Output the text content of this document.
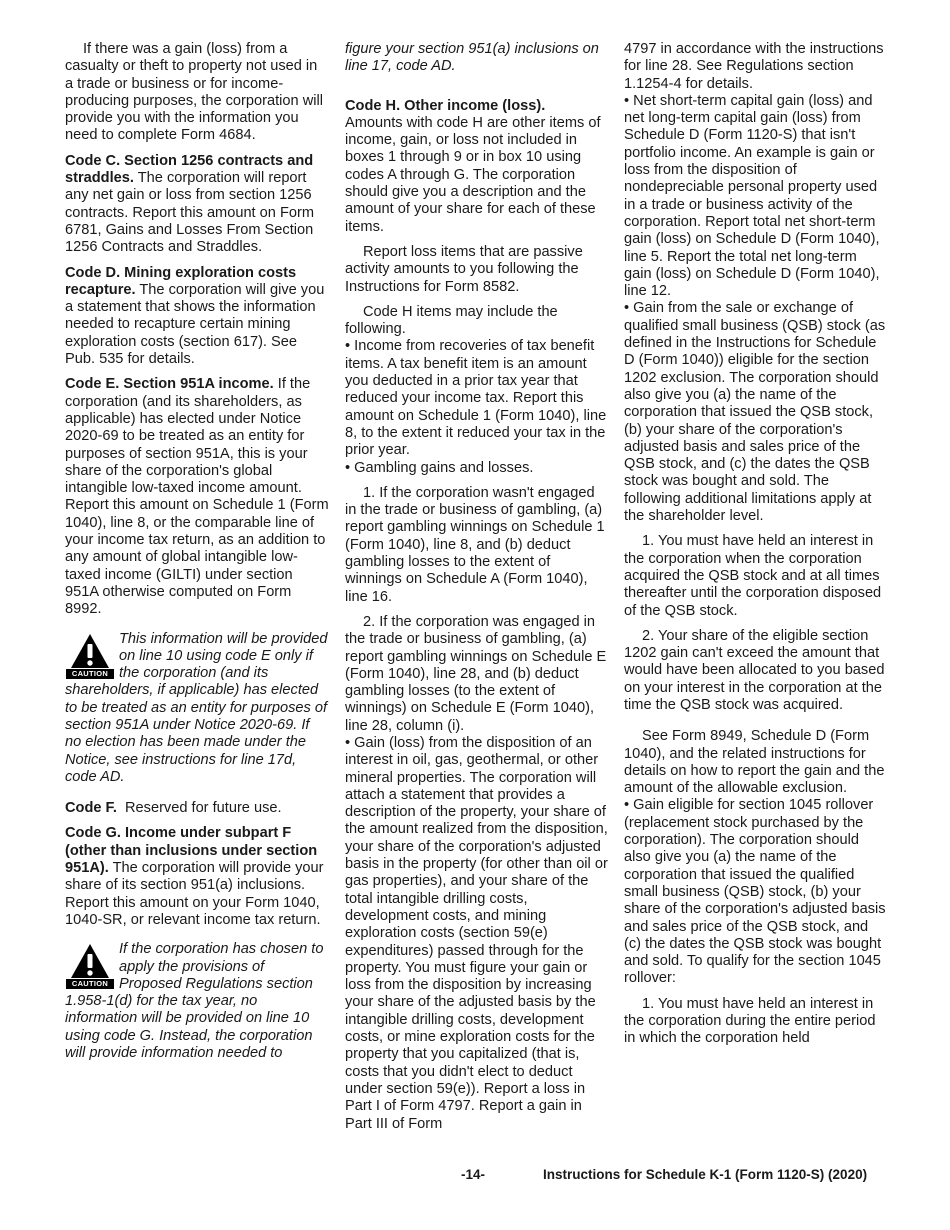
If there was a gain (loss) from a casualty or theft to property not used in a trade or business or for income-producing purposes, the corporation will provide you with the information you need to complete Form 4684.

Code C. Section 1256 contracts and straddles. The corporation will report any net gain or loss from section 1256 contracts. Report this amount on Form 6781, Gains and Losses From Section 1256 Contracts and Straddles.

Code D. Mining exploration costs recapture. The corporation will give you a statement that shows the information needed to recapture certain mining exploration costs (section 617). See Pub. 535 for details.

Code E. Section 951A income. If the corporation (and its shareholders, as applicable) has elected under Notice 2020-69 to be treated as an entity for purposes of section 951A, this is your share of the corporation's global intangible low-taxed income amount. Report this amount on Schedule 1 (Form 1040), line 8, or the comparable line of your income tax return, as an addition to any amount of global intangible low-taxed income (GILTI) under section 951A otherwise computed on Form 8992.

CAUTION
This information will be provided on line 10 using code E only if the corporation (and its shareholders, if applicable) has elected to be treated as an entity for purposes of section 951A under Notice 2020-69. If no election has been made under the Notice, see instructions for line 17d, code AD.

Code F. Reserved for future use.

Code G. Income under subpart F (other than inclusions under section 951A). The corporation will provide your share of its section 951(a) inclusions. Report this amount on your Form 1040, 1040-SR, or relevant income tax return.

CAUTION
If the corporation has chosen to apply the provisions of Proposed Regulations section 1.958-1(d) for the tax year, no information will be provided on line 10 using code G. Instead, the corporation will provide information needed to

figure your section 951(a) inclusions on line 17, code AD.

Code H. Other income (loss).
Amounts with code H are other items of income, gain, or loss not included in boxes 1 through 9 or in box 10 using codes A through G. The corporation should give you a description and the amount of your share for each of these items.

Report loss items that are passive activity amounts to you following the Instructions for Form 8582.

Code H items may include the following.

• Income from recoveries of tax benefit items. A tax benefit item is an amount you deducted in a prior tax year that reduced your income tax. Report this amount on Schedule 1 (Form 1040), line 8, to the extent it reduced your tax in the prior year.

• Gambling gains and losses.

1. If the corporation wasn't engaged in the trade or business of gambling, (a) report gambling winnings on Schedule 1 (Form 1040), line 8, and (b) deduct gambling losses to the extent of winnings on Schedule A (Form 1040), line 16.

2. If the corporation was engaged in the trade or business of gambling, (a) report gambling winnings on Schedule E (Form 1040), line 28, and (b) deduct gambling losses (to the extent of winnings) on Schedule E (Form 1040), line 28, column (i).

• Gain (loss) from the disposition of an interest in oil, gas, geothermal, or other mineral properties. The corporation will attach a statement that provides a description of the property, your share of the amount realized from the disposition, your share of the corporation's adjusted basis in the property (for other than oil or gas properties), and your share of the total intangible drilling costs, development costs, and mining exploration costs (section 59(e) expenditures) passed through for the property. You must figure your gain or loss from the disposition by increasing your share of the adjusted basis by the intangible drilling costs, development costs, or mine exploration costs for the property that you capitalized (that is, costs that you didn't elect to deduct under section 59(e)). Report a loss in Part I of Form 4797. Report a gain in Part III of Form

4797 in accordance with the instructions for line 28. See Regulations section 1.1254-4 for details.

• Net short-term capital gain (loss) and net long-term capital gain (loss) from Schedule D (Form 1120-S) that isn't portfolio income. An example is gain or loss from the disposition of nondepreciable personal property used in a trade or business activity of the corporation. Report total net short-term gain (loss) on Schedule D (Form 1040), line 5. Report the total net long-term gain (loss) on Schedule D (Form 1040), line 12.

• Gain from the sale or exchange of qualified small business (QSB) stock (as defined in the Instructions for Schedule D (Form 1040)) eligible for the section 1202 exclusion. The corporation should also give you (a) the name of the corporation that issued the QSB stock, (b) your share of the corporation's adjusted basis and sales price of the QSB stock, and (c) the dates the QSB stock was bought and sold. The following additional limitations apply at the shareholder level.

1. You must have held an interest in the corporation when the corporation acquired the QSB stock and at all times thereafter until the corporation disposed of the QSB stock.

2. Your share of the eligible section 1202 gain can't exceed the amount that would have been allocated to you based on your interest in the corporation at the time the QSB stock was acquired.

See Form 8949, Schedule D (Form 1040), and the related instructions for details on how to report the gain and the amount of the allowable exclusion.

• Gain eligible for section 1045 rollover (replacement stock purchased by the corporation). The corporation should also give you (a) the name of the corporation that issued the qualified small business (QSB) stock, (b) your share of the corporation's adjusted basis and sales price of the QSB stock, and (c) the dates the QSB stock was bought and sold. To qualify for the section 1045 rollover:

1. You must have held an interest in the corporation during the entire period in which the corporation held

-14-	Instructions for Schedule K-1 (Form 1120-S) (2020)
